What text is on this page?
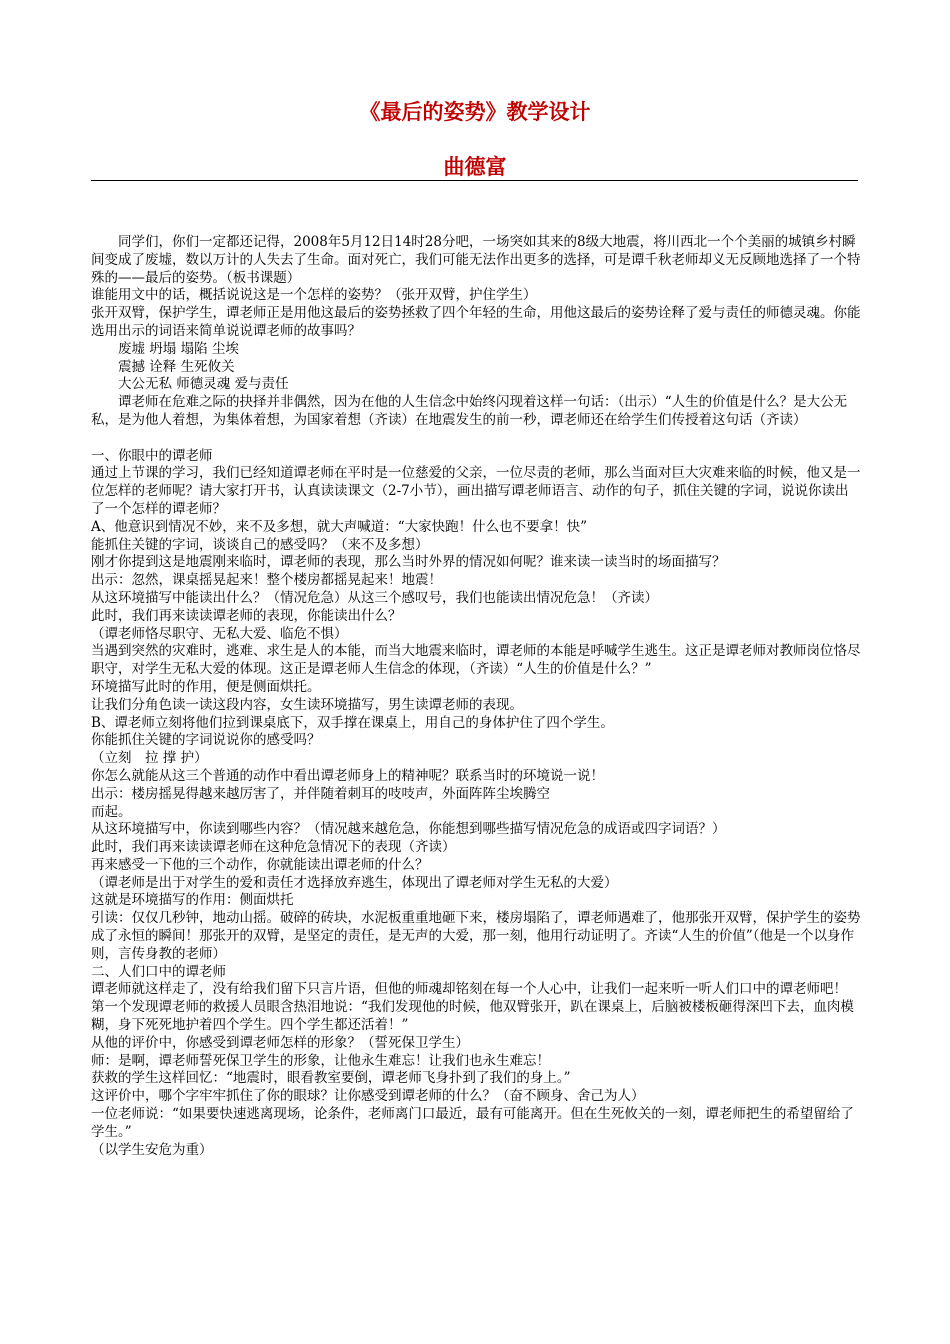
《最后的姿势》教学设计
曲德富

同学们，你们一定都还记得，2008年5月12日14时28分吧，一场突如其来的8级大地震，将川西北一个个美丽的城镇乡村瞬间变成了废墟，数以万计的人失去了生命。面对死亡，我们可能无法作出更多的选择，可是谭千秋老师却义无反顾地选择了一个特殊的——最后的姿势。（板书课题）

谁能用文中的话，概括说说这是一个怎样的姿势？（张开双臂，护住学生）

张开双臂，保护学生，谭老师正是用他这最后的姿势拯救了四个年轻的生命，用他这最后的姿势诠释了爱与责任的师德灵魂。你能选用出示的词语来简单说说谭老师的故事吗？

废墟 坍塌 塌陷 尘埃

震撼 诠释 生死攸关

大公无私 师德灵魂 爱与责任

谭老师在危难之际的抉择并非偶然，因为在他的人生信念中始终闪现着这样一句话：（出示）“人生的价值是什么？是大公无私，是为他人着想，为集体着想，为国家着想（齐读）在地震发生的前一秒，谭老师还在给学生们传授着这句话（齐读）

一、你眼中的谭老师

通过上节课的学习，我们已经知道谭老师在平时是一位慈爱的父亲，一位尽责的老师，那么当面对巨大灾难来临的时候，他又是一位怎样的老师呢？请大家打开书，认真读读课文（2-7小节），画出描写谭老师语言、动作的句子，抓住关键的字词，说说你读出了一个怎样的谭老师？

A、他意识到情况不妙，来不及多想，就大声喊道：“大家快跑！什么也不要拿！快”

能抓住关键的字词，谈谈自己的感受吗？（来不及多想）

刚才你提到这是地震刚来临时，谭老师的表现，那么当时外界的情况如何呢？谁来读一读当时的场面描写？

出示：忽然，课桌摇晃起来！整个楼房都摇晃起来！地震！

从这环境描写中能读出什么？（情况危急）从这三个感叹号，我们也能读出情况危急！（齐读）

此时，我们再来读读谭老师的表现，你能读出什么？

（谭老师恪尽职守、无私大爱、临危不惧）

当遇到突然的灾难时，逃难、求生是人的本能，而当大地震来临时，谭老师的本能是呼喊学生逃生。这正是谭老师对教师岗位恪尽职守，对学生无私大爱的体现。这正是谭老师人生信念的体现，（齐读）“人生的价值是什么？”

环境描写此时的作用，便是侧面烘托。

让我们分角色读一读这段内容，女生读环境描写，男生读谭老师的表现。

B、谭老师立刻将他们拉到课桌底下，双手撑在课桌上，用自己的身体护住了四个学生。

你能抓住关键的字词说说你的感受吗？

（立刻　拉 撑 护）

你怎么就能从这三个普通的动作中看出谭老师身上的精神呢？联系当时的环境说一说！

出示：楼房摇晃得越来越厉害了，并伴随着刺耳的吱吱声，外面阵阵尘埃腾空

而起。

从这环境描写中，你读到哪些内容？（情况越来越危急，你能想到哪些描写情况危急的成语或四字词语？）

此时，我们再来读读谭老师在这种危急情况下的表现（齐读）

再来感受一下他的三个动作，你就能读出谭老师的什么？

（谭老师是出于对学生的爱和责任才选择放弃逃生，体现出了谭老师对学生无私的大爱）

这就是环境描写的作用：侧面烘托

引读：仅仅几秒钟，地动山摇。破碎的砖块，水泥板重重地砸下来，楼房塌陷了，谭老师遇难了，他那张开双臂，保护学生的姿势成了永恒的瞬间！那张开的双臂，是坚定的责任，是无声的大爱，那一刻，他用行动证明了。齐读“人生的价值”（他是一个以身作则，言传身教的老师）

二、人们口中的谭老师

谭老师就这样走了，没有给我们留下只言片语，但他的师魂却铭刻在每一个人心中，让我们一起来听一听人们口中的谭老师吧！

第一个发现谭老师的救援人员眼含热泪地说：“我们发现他的时候，他双臂张开，趴在课桌上，后脑被楼板砸得深凹下去，血肉模糊，身下死死地护着四个学生。四个学生都还活着！”

从他的评价中，你感受到谭老师怎样的形象？（誓死保卫学生）

师：是啊，谭老师誓死保卫学生的形象，让他永生难忘！让我们也永生难忘！

获救的学生这样回忆：“地震时，眼看教室要倒，谭老师飞身扑到了我们的身上。”

这评价中，哪个字牢牢抓住了你的眼球？让你感受到谭老师的什么？（奋不顾身、舍己为人）

一位老师说：“如果要快速逃离现场，论条件，老师离门口最近，最有可能离开。但在生死攸关的一刻，谭老师把生的希望留给了学生。”

（以学生安危为重）
